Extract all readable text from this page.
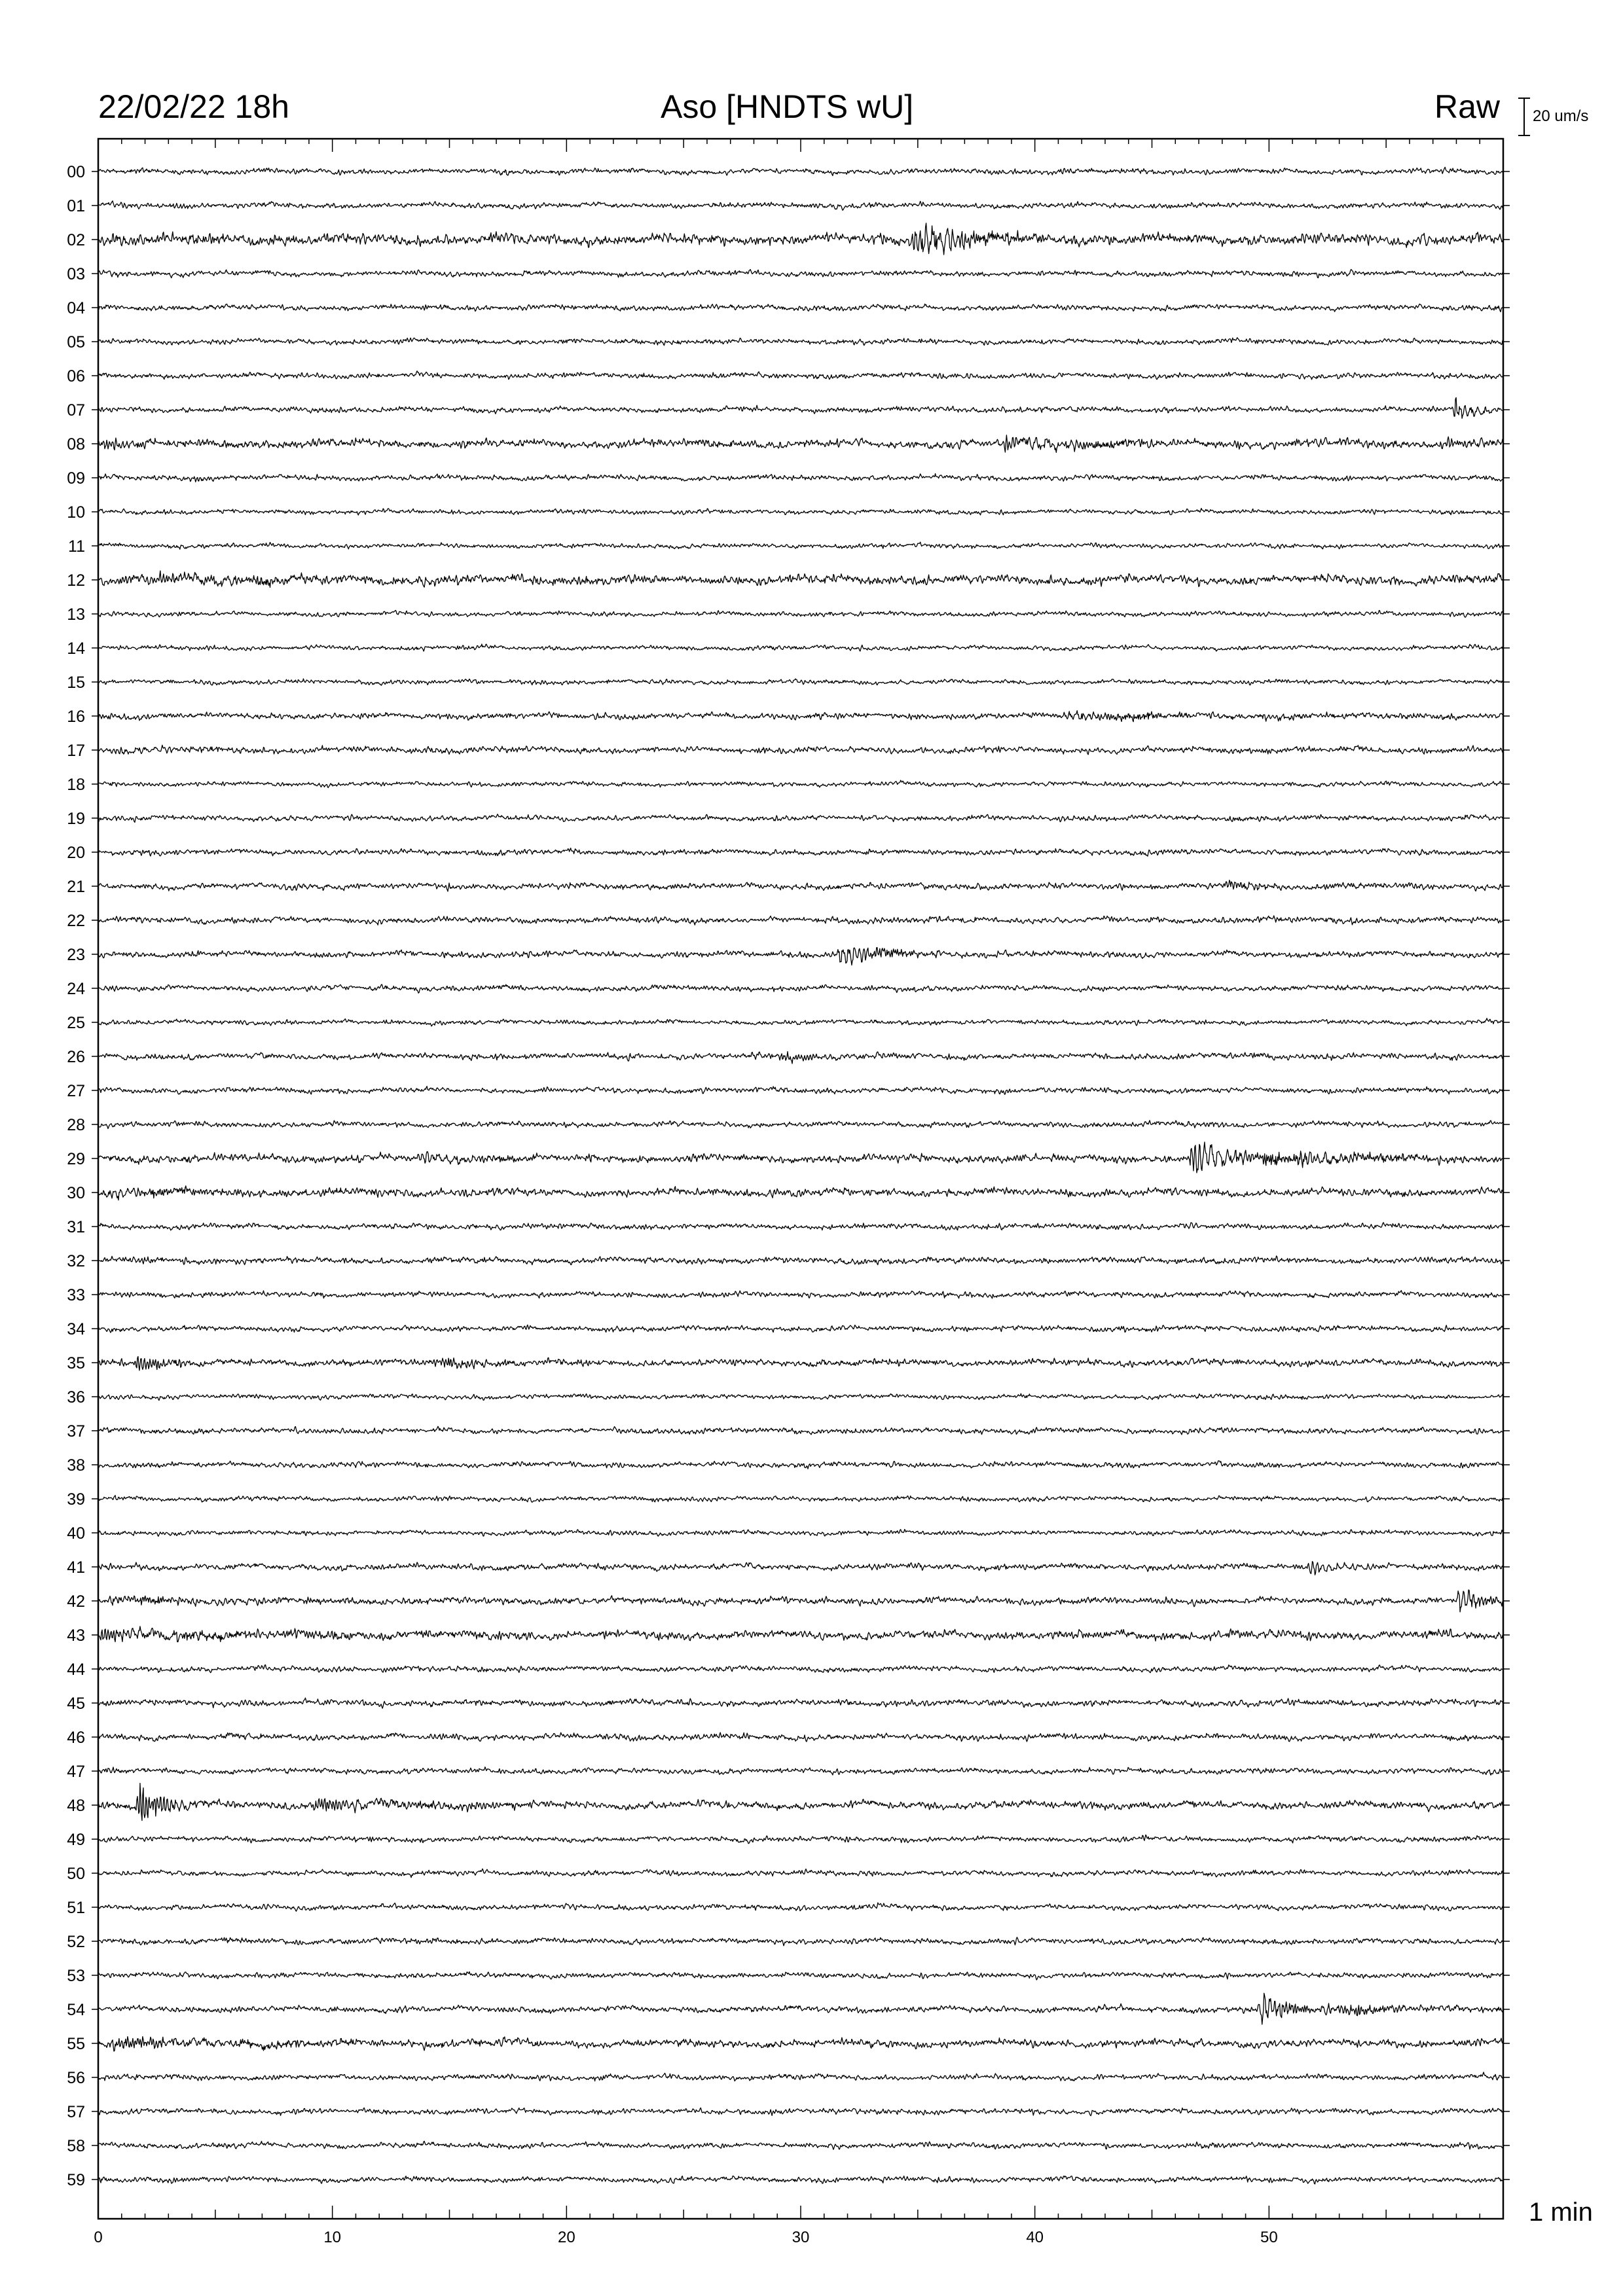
22/02/22 18h	Aso [HNDTS wU]	Raw 20 um/s
1 min
0	10	20	30	40	50
00
01
02
03
04
05
06
07
08
09
10
11
12
13
14
15
16
17
18
19
20
21
22
23
24
25
26
27
28
29
30
31
32
33
34
35
36
37
38
39
40
41
42
43
44
45
46
47
48
49
50
51
52
53
54
55
56
57
58
59
